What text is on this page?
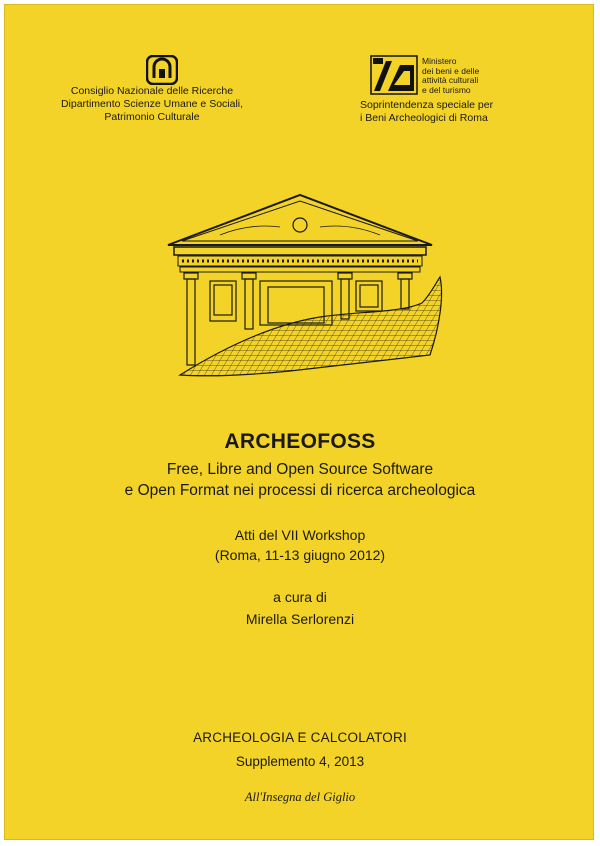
Consiglio Nazionale delle Ricerche
Dipartimento Scienze Umane e Sociali,
Patrimonio Culturale
Ministero
dei beni e delle
attività culturali
e del turismo
Soprintendenza speciale per
i Beni Archeologici di Roma
ARCHEOFOSS
Free, Libre and Open Source Software
e Open Format nei processi di ricerca archeologica
Atti del VII Workshop
(Roma, 11-13 giugno 2012)
a cura di
Mirella Serlorenzi
ARCHEOLOGIA E CALCOLATORI
Supplemento 4, 2013
All'Insegna del Giglio
